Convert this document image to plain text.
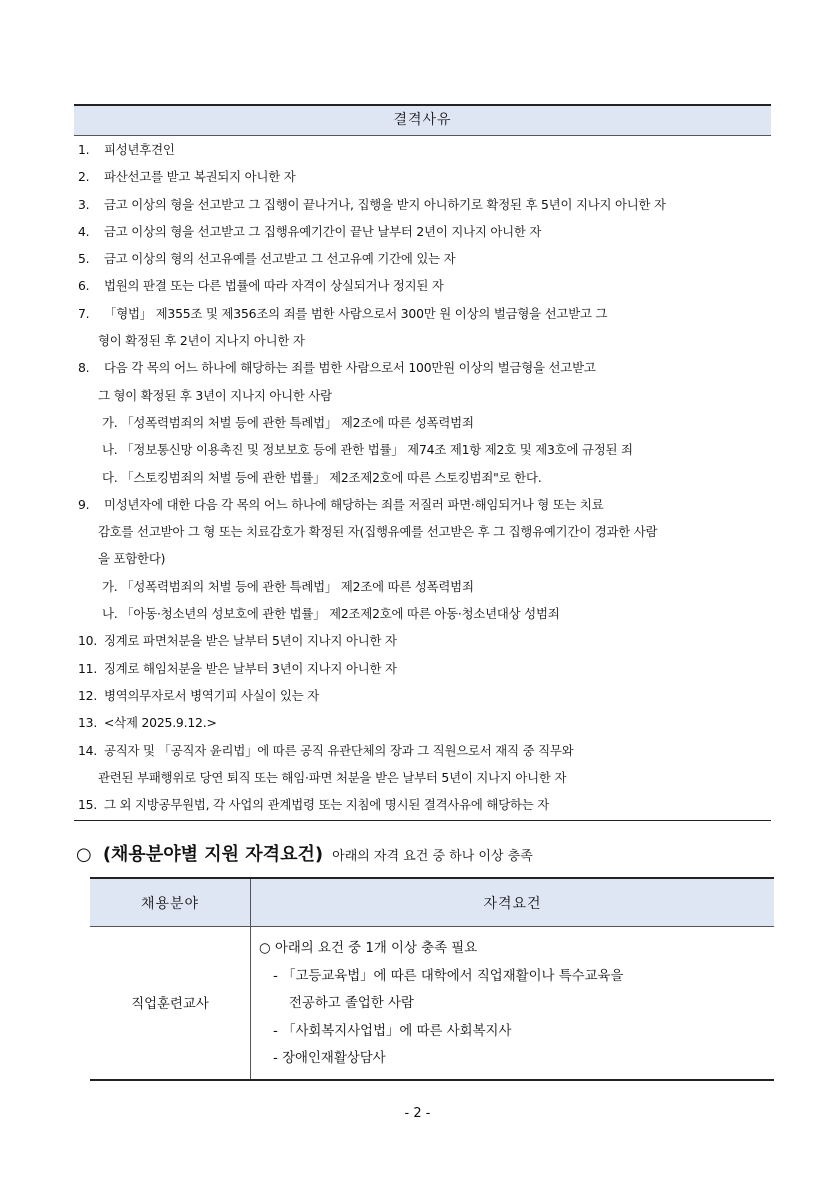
결격사유

1. 피성년후견인
2. 파산선고를 받고 복권되지 아니한 자
3. 금고 이상의 형을 선고받고 그 집행이 끝나거나, 집행을 받지 아니하기로 확정된 후 5년이 지나지 아니한 자
4. 금고 이상의 형을 선고받고 그 집행유예기간이 끝난 날부터 2년이 지나지 아니한 자
5. 금고 이상의 형의 선고유예를 선고받고 그 선고유예 기간에 있는 자
6. 법원의 판결 또는 다른 법률에 따라 자격이 상실되거나 정지된 자
7. 「형법」 제355조 및 제356조의 죄를 범한 사람으로서 300만 원 이상의 벌금형을 선고받고 그
형이 확정된 후 2년이 지나지 아니한 자
8. 다음 각 목의 어느 하나에 해당하는 죄를 범한 사람으로서 100만원 이상의 벌금형을 선고받고
그 형이 확정된 후 3년이 지나지 아니한 사람
가. 「성폭력범죄의 처벌 등에 관한 특례법」 제2조에 따른 성폭력범죄
나. 「정보통신망 이용촉진 및 정보보호 등에 관한 법률」 제74조 제1항 제2호 및 제3호에 규정된 죄
다. 「스토킹범죄의 처벌 등에 관한 법률」 제2조제2호에 따른 스토킹범죄"로 한다.
9. 미성년자에 대한 다음 각 목의 어느 하나에 해당하는 죄를 저질러 파면·해임되거나 형 또는 치료
감호를 선고받아 그 형 또는 치료감호가 확정된 자(집행유예를 선고받은 후 그 집행유예기간이 경과한 사람
을 포함한다)
가. 「성폭력범죄의 처벌 등에 관한 특례법」 제2조에 따른 성폭력범죄
나. 「아동·청소년의 성보호에 관한 법률」 제2조제2호에 따른 아동·청소년대상 성범죄
10. 징계로 파면처분을 받은 날부터 5년이 지나지 아니한 자
11. 징계로 해임처분을 받은 날부터 3년이 지나지 아니한 자
12. 병역의무자로서 병역기피 사실이 있는 자
13. <삭제 2025.9.12.>
14. 공직자 및 「공직자 윤리법」에 따른 공직 유관단체의 장과 그 직원으로서 재직 중 직무와
관련된 부패행위로 당연 퇴직 또는 해임·파면 처분을 받은 날부터 5년이 지나지 아니한 자
15. 그 외 지방공무원법, 각 사업의 관계법령 또는 지침에 명시된 결격사유에 해당하는 자
○ (채용분야별 지원 자격요건) 아래의 자격 요건 중 하나 이상 충족
채용분야	자격요건
직업훈련교사	○ 아래의 요건 중 1개 이상 충족 필요
- 「고등교육법」에 따른 대학에서 직업재활이나 특수교육을
전공하고 졸업한 사람
- 「사회복지사업법」에 따른 사회복지사
- 장애인재활상담사
- 2 -
